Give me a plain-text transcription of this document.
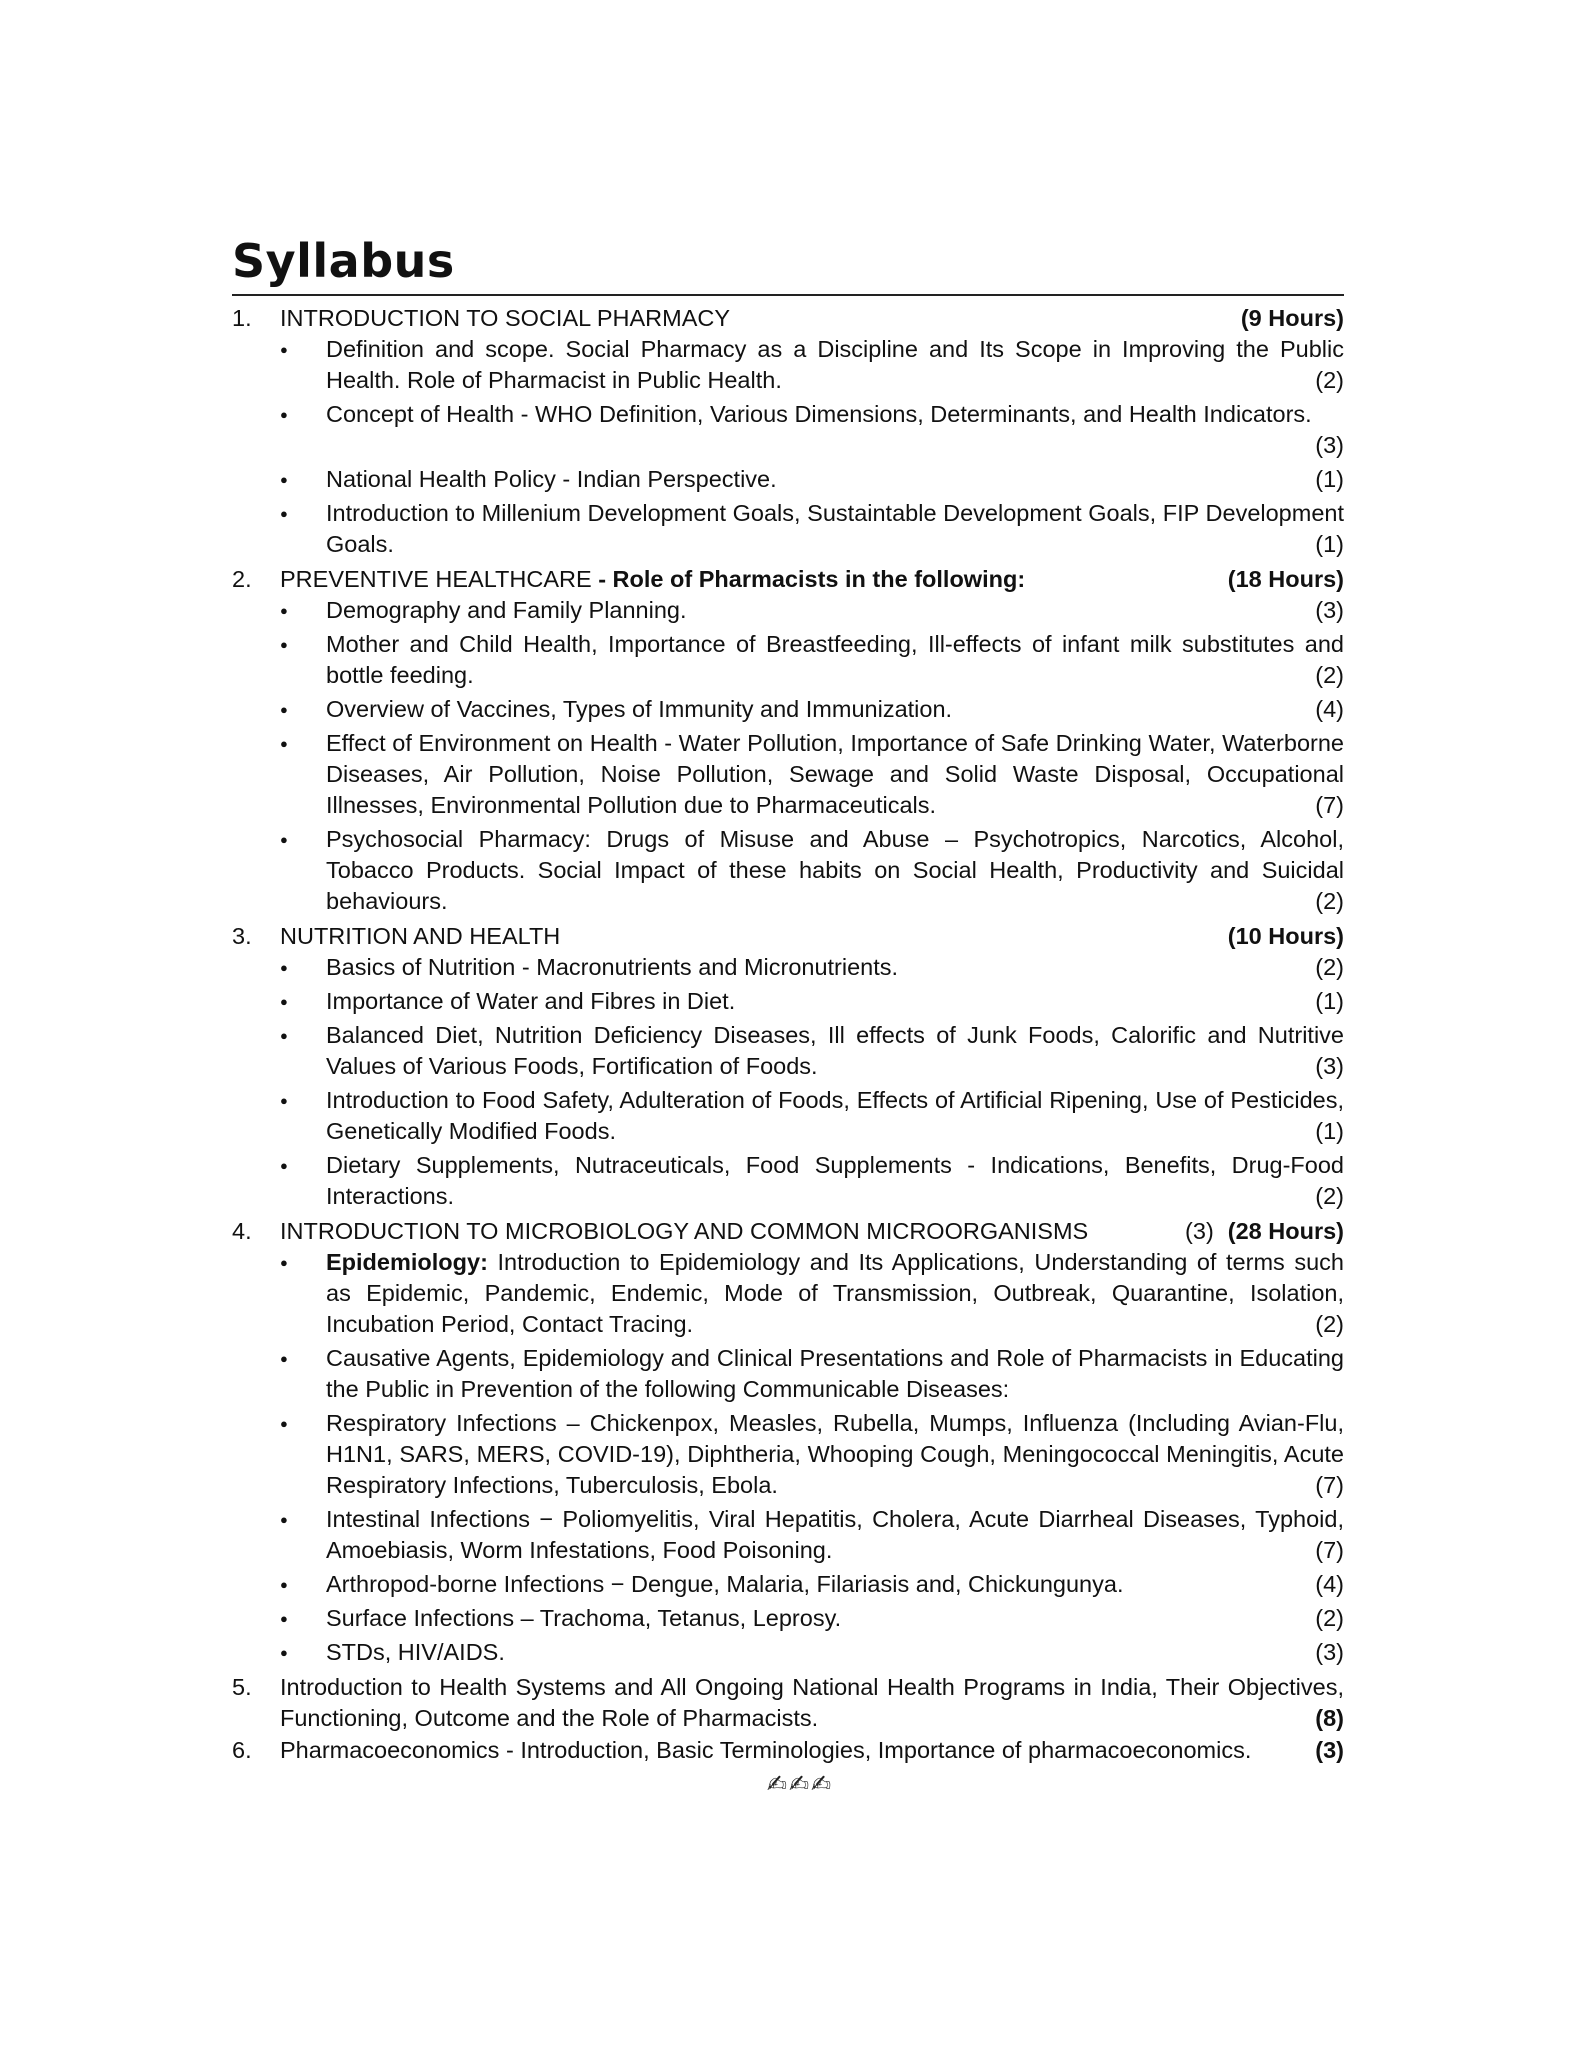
Syllabus
1.	INTRODUCTION TO SOCIAL PHARMACY	(9 Hours)
●	Definition and scope. Social Pharmacy as a Discipline and Its Scope in Improving the Public Health. Role of Pharmacist in Public Health.	(2)
●	Concept of Health - WHO Definition, Various Dimensions, Determinants, and Health Indicators.
(3)
●	National Health Policy - Indian Perspective.	(1)
●	Introduction to Millenium Development Goals, Sustaintable Development Goals, FIP Development Goals.	(1)
2.	PREVENTIVE HEALTHCARE - Role of Pharmacists in the following:	(18 Hours)
●	Demography and Family Planning.	(3)
●	Mother and Child Health, Importance of Breastfeeding, Ill-effects of infant milk substitutes and bottle feeding.	(2)
●	Overview of Vaccines, Types of Immunity and Immunization.	(4)
●	Effect of Environment on Health - Water Pollution, Importance of Safe Drinking Water, Waterborne Diseases, Air Pollution, Noise Pollution, Sewage and Solid Waste Disposal, Occupational Illnesses, Environmental Pollution due to Pharmaceuticals.	(7)
●	Psychosocial Pharmacy: Drugs of Misuse and Abuse – Psychotropics, Narcotics, Alcohol, Tobacco Products. Social Impact of these habits on Social Health, Productivity and Suicidal behaviours.	(2)
3.	NUTRITION AND HEALTH	(10 Hours)
●	Basics of Nutrition - Macronutrients and Micronutrients.	(2)
●	Importance of Water and Fibres in Diet.	(1)
●	Balanced Diet, Nutrition Deficiency Diseases, Ill effects of Junk Foods, Calorific and Nutritive Values of Various Foods, Fortification of Foods.	(3)
●	Introduction to Food Safety, Adulteration of Foods, Effects of Artificial Ripening, Use of Pesticides, Genetically Modified Foods.	(1)
●	Dietary Supplements, Nutraceuticals, Food Supplements - Indications, Benefits, Drug-Food Interactions.	(2)
4.	INTRODUCTION TO MICROBIOLOGY AND COMMON MICROORGANISMS	(3) (28 Hours)
●	Epidemiology: Introduction to Epidemiology and Its Applications, Understanding of terms such as Epidemic, Pandemic, Endemic, Mode of Transmission, Outbreak, Quarantine, Isolation, Incubation Period, Contact Tracing.	(2)
●	Causative Agents, Epidemiology and Clinical Presentations and Role of Pharmacists in Educating the Public in Prevention of the following Communicable Diseases:
●	Respiratory Infections – Chickenpox, Measles, Rubella, Mumps, Influenza (Including Avian-Flu, H1N1, SARS, MERS, COVID-19), Diphtheria, Whooping Cough, Meningococcal Meningitis, Acute Respiratory Infections, Tuberculosis, Ebola.	(7)
●	Intestinal Infections − Poliomyelitis, Viral Hepatitis, Cholera, Acute Diarrheal Diseases, Typhoid, Amoebiasis, Worm Infestations, Food Poisoning.	(7)
●	Arthropod-borne Infections − Dengue, Malaria, Filariasis and, Chickungunya.	(4)
●	Surface Infections – Trachoma, Tetanus, Leprosy.	(2)
●	STDs, HIV/AIDS.	(3)
5.	Introduction to Health Systems and All Ongoing National Health Programs in India, Their Objectives, Functioning, Outcome and the Role of Pharmacists.	(8)
6.	Pharmacoeconomics - Introduction, Basic Terminologies, Importance of pharmacoeconomics.	(3)
✍✍✍
